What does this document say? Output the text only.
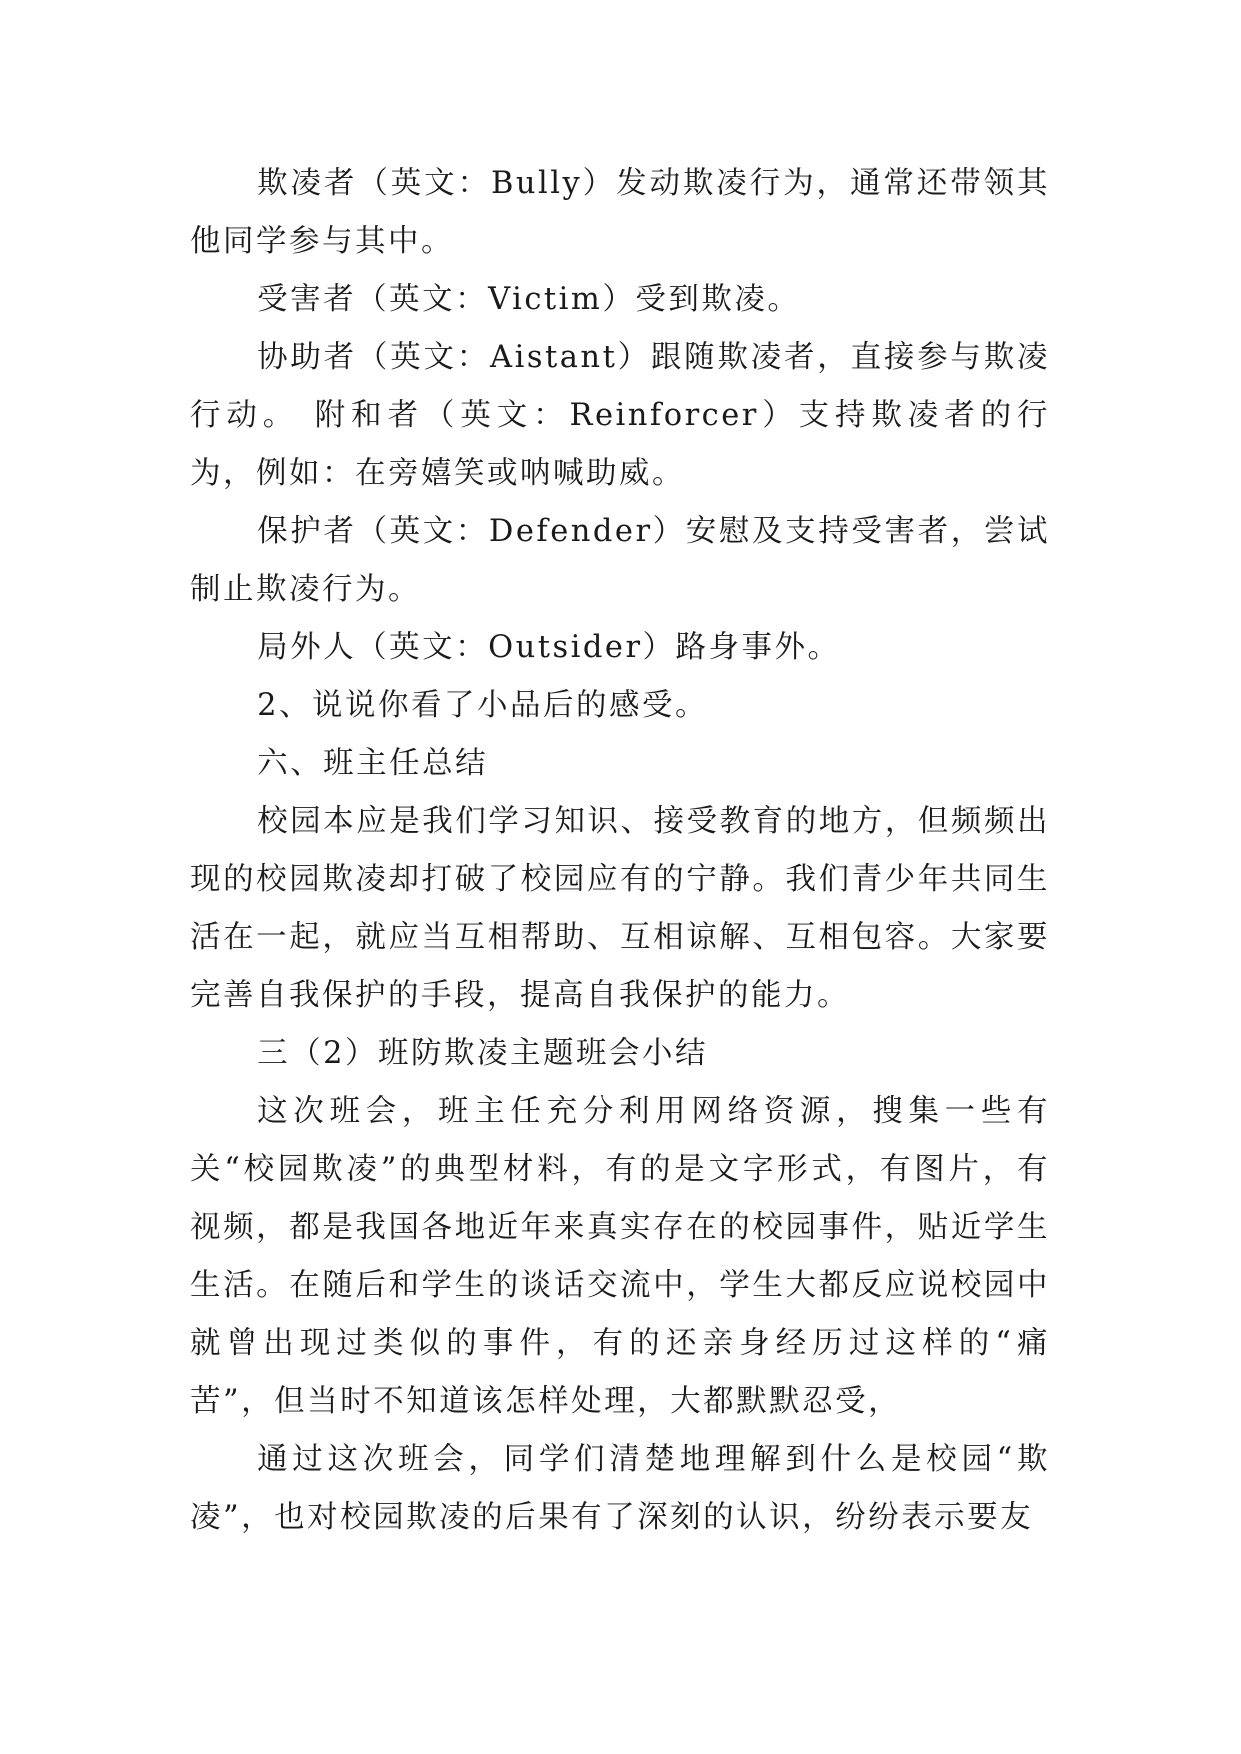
欺凌者（英文：Bully）发动欺凌行为，通常还带领其他同学参与其中。

受害者（英文：Victim）受到欺凌。

协助者（英文：Aistant）跟随欺凌者，直接参与欺凌行动。 附和者（英文：Reinforcer）支持欺凌者的行为，例如：在旁嬉笑或呐喊助威。

保护者（英文：Defender）安慰及支持受害者，尝试制止欺凌行为。

局外人（英文：Outsider）路身事外。

2、说说你看了小品后的感受。

六、班主任总结

校园本应是我们学习知识、接受教育的地方，但频频出现的校园欺凌却打破了校园应有的宁静。我们青少年共同生活在一起，就应当互相帮助、互相谅解、互相包容。大家要完善自我保护的手段，提高自我保护的能力。

三（2）班防欺凌主题班会小结

这次班会，班主任充分利用网络资源，搜集一些有关“校园欺凌”的典型材料，有的是文字形式，有图片，有视频，都是我国各地近年来真实存在的校园事件，贴近学生生活。在随后和学生的谈话交流中，学生大都反应说校园中就曾出现过类似的事件，有的还亲身经历过这样的“痛苦”，但当时不知道该怎样处理，大都默默忍受，

通过这次班会，同学们清楚地理解到什么是校园“欺凌”，也对校园欺凌的后果有了深刻的认识，纷纷表示要友
